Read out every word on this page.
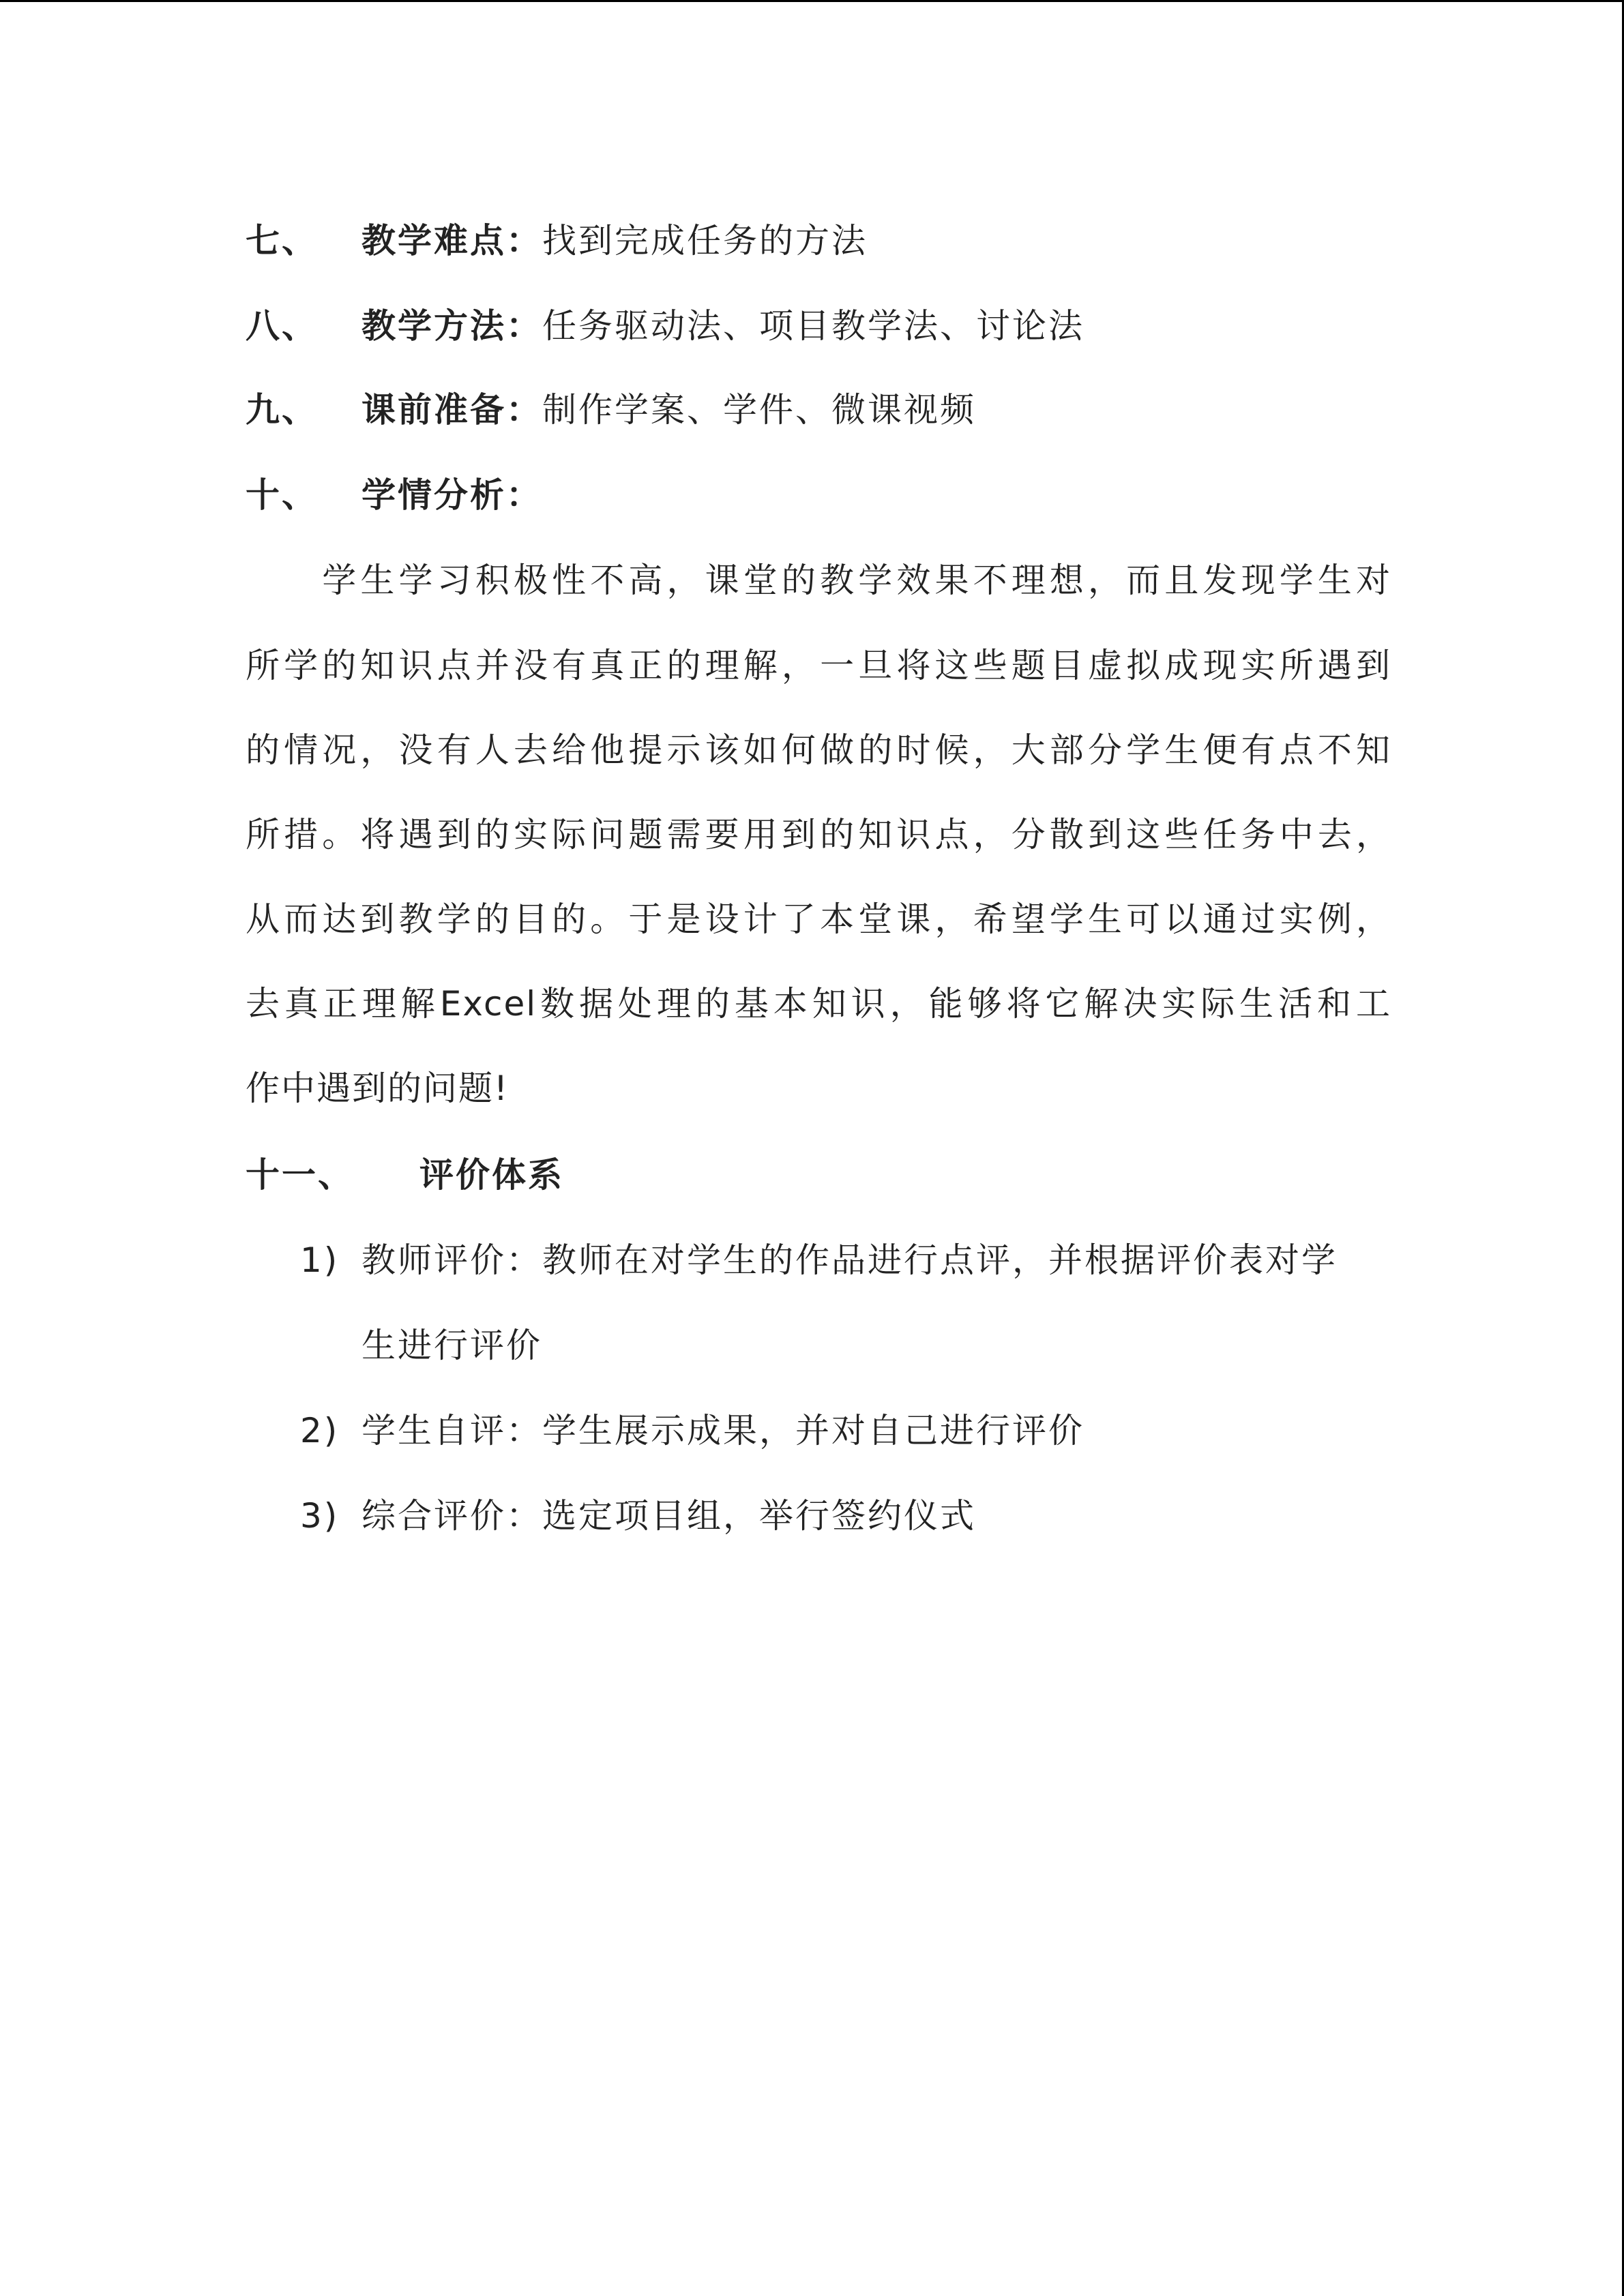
七、 教学难点：找到完成任务的方法
八、 教学方法：任务驱动法、项目教学法、讨论法
九、 课前准备：制作学案、学件、微课视频
十、 学情分析：
　　学生学习积极性不高，课堂的教学效果不理想，而且发现学生对
所学的知识点并没有真正的理解，一旦将这些题目虚拟成现实所遇到
的情况，没有人去给他提示该如何做的时候，大部分学生便有点不知
所措。将遇到的实际问题需要用到的知识点，分散到这些任务中去，
从而达到教学的目的。于是设计了本堂课，希望学生可以通过实例，
去真正理解Excel数据处理的基本知识，能够将它解决实际生活和工
作中遇到的问题!
十一、 评价体系
1) 教师评价：教师在对学生的作品进行点评，并根据评价表对学
生进行评价
2) 学生自评：学生展示成果，并对自己进行评价
3) 综合评价：选定项目组，举行签约仪式
